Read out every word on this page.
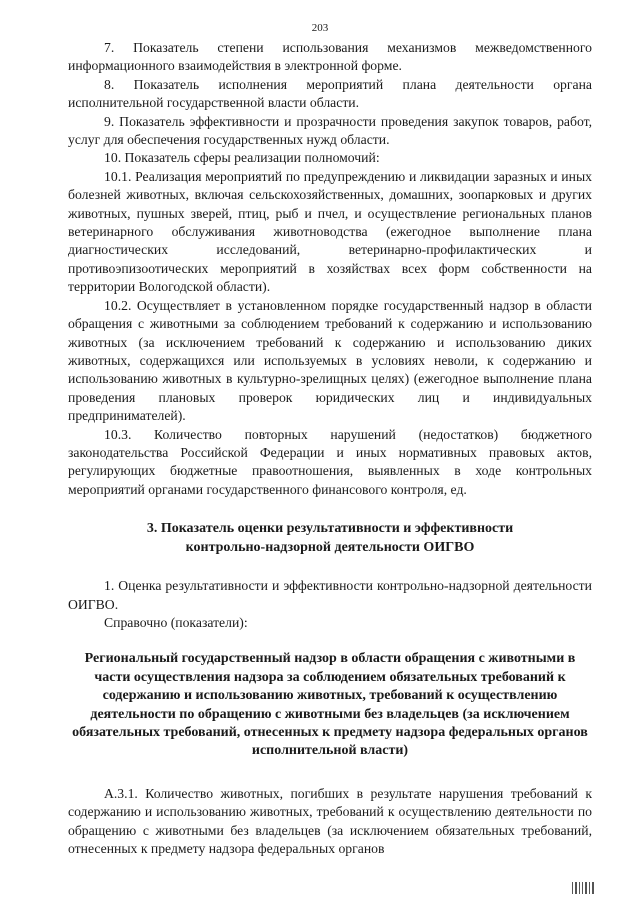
203

7. Показатель степени использования механизмов межведомственного информационного взаимодействия в электронной форме.

8. Показатель исполнения мероприятий плана деятельности органа исполнительной государственной власти области.

9. Показатель эффективности и прозрачности проведения закупок товаров, работ, услуг для обеспечения государственных нужд области.

10. Показатель сферы реализации полномочий:

10.1. Реализация мероприятий по предупреждению и ликвидации заразных и иных болезней животных, включая сельскохозяйственных, домашних, зоопарковых и других животных, пушных зверей, птиц, рыб и пчел, и осуществление региональных планов ветеринарного обслуживания животноводства (ежегодное выполнение плана диагностических исследований, ветеринарно-профилактических и противоэпизоотических мероприятий в хозяйствах всех форм собственности на территории Вологодской области).

10.2. Осуществляет в установленном порядке государственный надзор в области обращения с животными за соблюдением требований к содержанию и использованию животных (за исключением требований к содержанию и использованию диких животных, содержащихся или используемых в условиях неволи, к содержанию и использованию животных в культурно-зрелищных целях) (ежегодное выполнение плана проведения плановых проверок юридических лиц и индивидуальных предпринимателей).

10.3. Количество повторных нарушений (недостатков) бюджетного законодательства Российской Федерации и иных нормативных правовых актов, регулирующих бюджетные правоотношения, выявленных в ходе контрольных мероприятий органами государственного финансового контроля, ед.

3. Показатель оценки результативности и эффективности
контрольно-надзорной деятельности ОИГВО

1. Оценка результативности и эффективности контрольно-надзорной деятельности ОИГВО.

Справочно (показатели):

Региональный государственный надзор в области обращения с животными в части осуществления надзора за соблюдением обязательных требований к содержанию и использованию животных, требований к осуществлению деятельности по обращению с животными без владельцев (за исключением обязательных требований, отнесенных к предмету надзора федеральных органов исполнительной власти)

А.3.1. Количество животных, погибших в результате нарушения требований к содержанию и использованию животных, требований к осуществлению деятельности по обращению с животными без владельцев (за исключением обязательных требований, отнесенных к предмету надзора федеральных органов
